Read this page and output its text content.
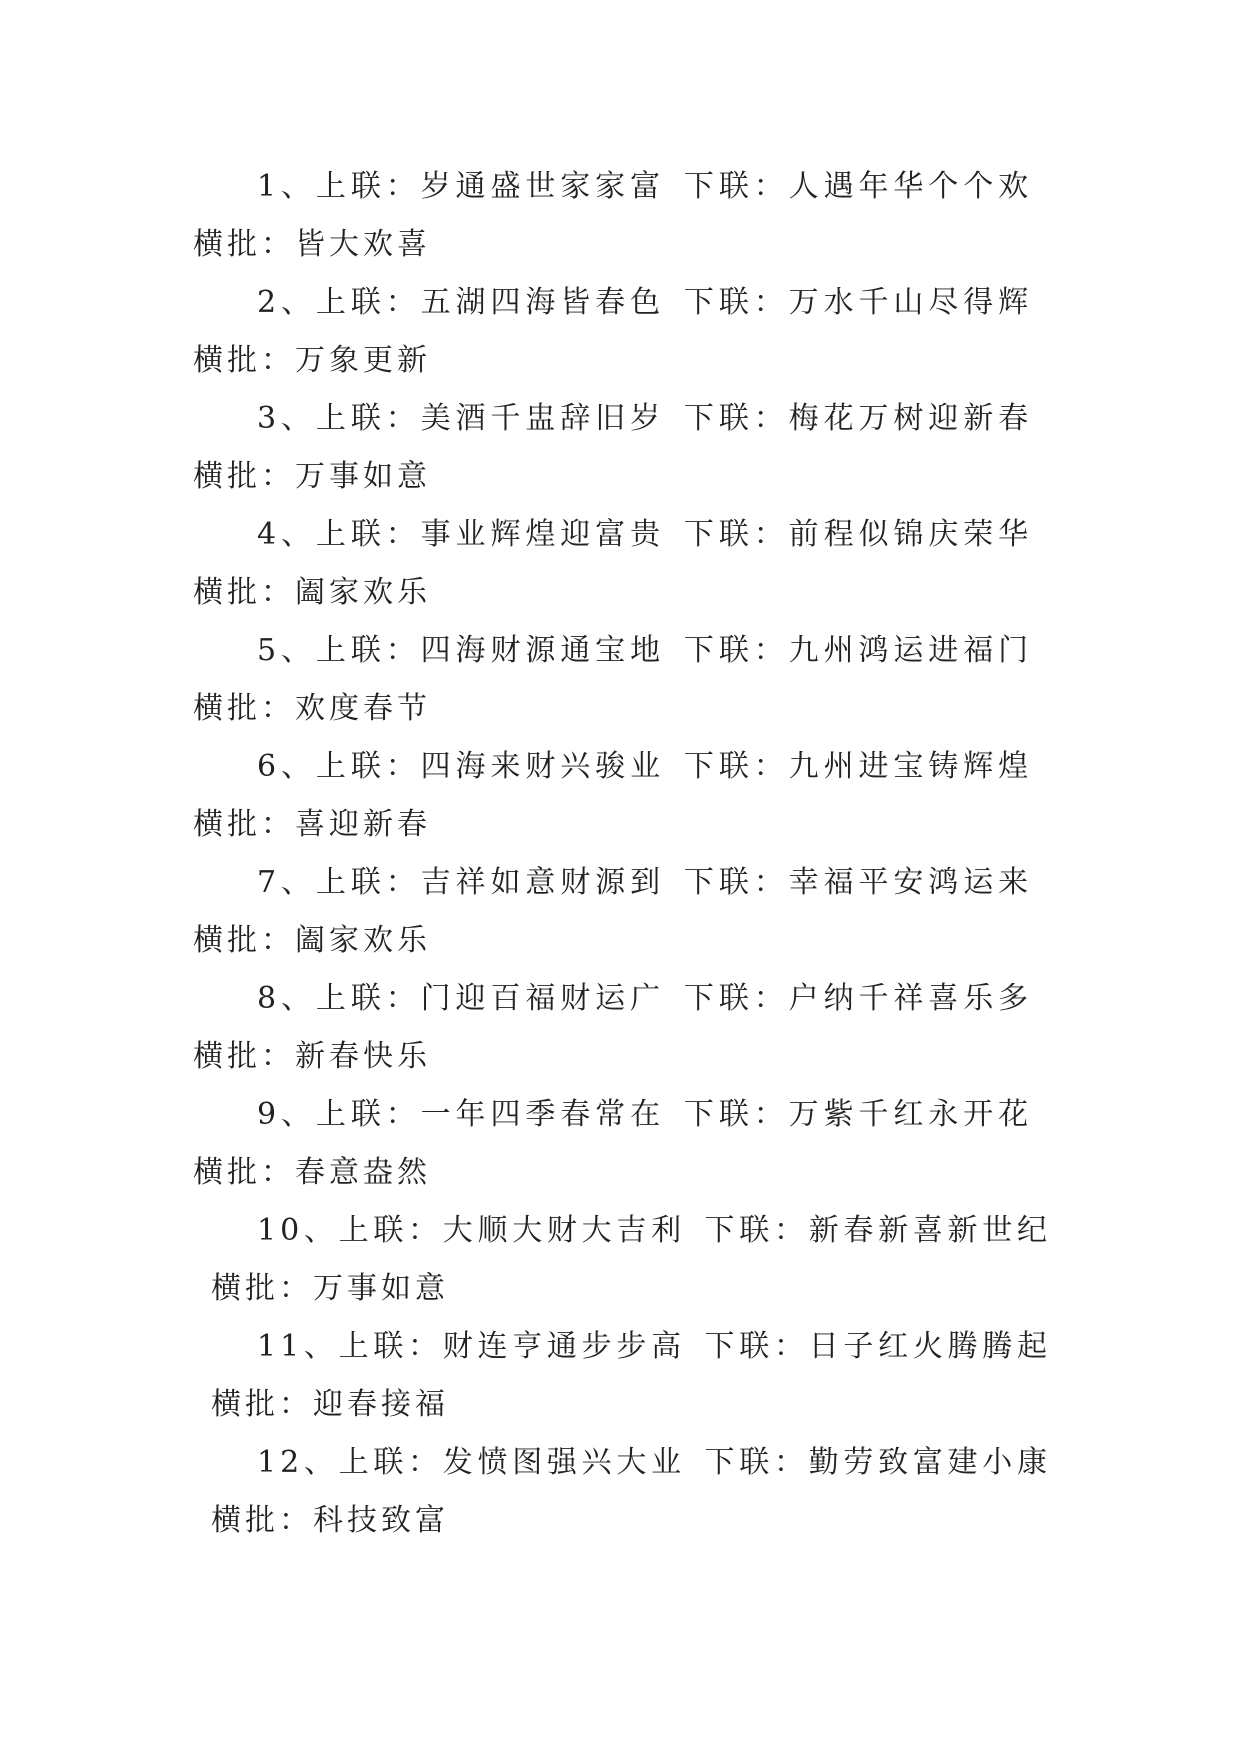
1、上联：岁通盛世家家富 下联：人遇年华个个欢横批：皆大欢喜

2、上联：五湖四海皆春色 下联：万水千山尽得辉横批：万象更新

3、上联：美酒千盅辞旧岁 下联：梅花万树迎新春横批：万事如意

4、上联：事业辉煌迎富贵 下联：前程似锦庆荣华横批：阖家欢乐

5、上联：四海财源通宝地 下联：九州鸿运进福门横批：欢度春节

6、上联：四海来财兴骏业 下联：九州进宝铸辉煌横批：喜迎新春

7、上联：吉祥如意财源到 下联：幸福平安鸿运来横批：阖家欢乐

8、上联：门迎百福财运广 下联：户纳千祥喜乐多横批：新春快乐

9、上联：一年四季春常在 下联：万紫千红永开花横批：春意盎然

10、上联：大顺大财大吉利 下联：新春新喜新世纪横批：万事如意

11、上联：财连亨通步步高 下联：日子红火腾腾起横批：迎春接福

12、上联：发愤图强兴大业 下联：勤劳致富建小康横批：科技致富
